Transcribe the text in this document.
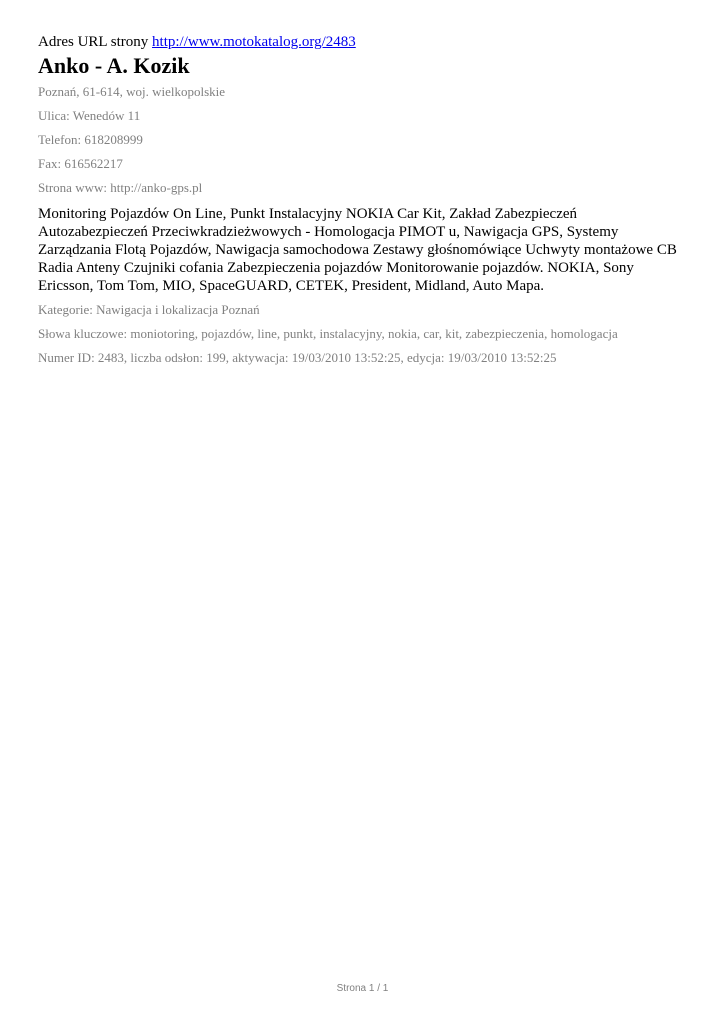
Adres URL strony http://www.motokatalog.org/2483

Anko - A. Kozik

Poznań, 61-614, woj. wielkopolskie

Ulica: Wenedów 11

Telefon: 618208999

Fax: 616562217

Strona www: http://anko-gps.pl

Monitoring Pojazdów On Line, Punkt Instalacyjny NOKIA Car Kit, Zakład Zabezpieczeń Autozabezpieczeń Przeciwkradzieżwowych - Homologacja PIMOT u, Nawigacja GPS, Systemy Zarządzania Flotą Pojazdów, Nawigacja samochodowa Zestawy głośnomówiące Uchwyty montażowe CB Radia Anteny Czujniki cofania Zabezpieczenia pojazdów Monitorowanie pojazdów. NOKIA, Sony Ericsson, Tom Tom, MIO, SpaceGUARD, CETEK, President, Midland, Auto Mapa.

Kategorie: Nawigacja i lokalizacja Poznań

Słowa kluczowe: moniotoring, pojazdów, line, punkt, instalacyjny, nokia, car, kit, zabezpieczenia, homologacja

Numer ID: 2483, liczba odsłon: 199, aktywacja: 19/03/2010 13:52:25, edycja: 19/03/2010 13:52:25

Strona 1 / 1
